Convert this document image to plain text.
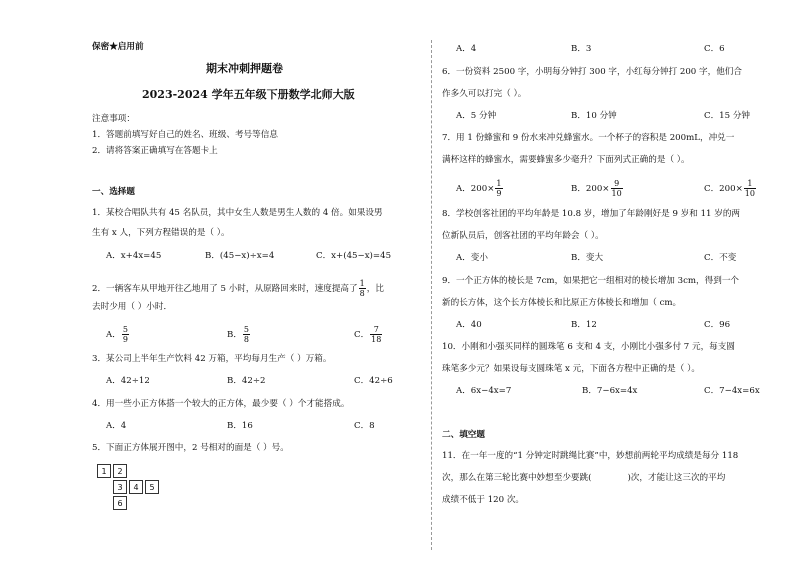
保密★启用前
期末冲刺押题卷
2023-2024 学年五年级下册数学北师大版
注意事项：
1．答题前填写好自己的姓名、班级、考号等信息
2．请将答案正确填写在答题卡上
一、选择题
1．某校合唱队共有 45 名队员，其中女生人数是男生人数的 4 倍。如果设男
生有 x 人，下列方程错误的是（ ）。
A．x+4x=45	B．(45−x)÷x=4	C．x+(45−x)=45
2．一辆客车从甲地开往乙地用了 5 小时，从原路回来时，速度提高了 $\frac{1}{8}$ ，比
去时少用（ ）小时．
A． $\frac{5}{9}$	B． $\frac{5}{8}$	C． $\frac{7}{18}$
3．某公司上半年生产饮料 42 万箱，平均每月生产（ ）万箱。
A．42÷12	B．42÷2	C．42÷6
4．用一些小正方体搭一个较大的正方体，最少要（ ）个才能搭成。
A．4	B．16	C．8
5．下面正方体展开图中，2 号相对的面是（ ）号。
1	2
3	4	5
6
A．4	B．3	C．6
6．一份资料 2500 字，小明每分钟打 300 字，小红每分钟打 200 字，他们合
作多久可以打完（ ）。
A．5 分钟	B．10 分钟	C．15 分钟
7．用 1 份蜂蜜和 9 份水来冲兑蜂蜜水。一个杯子的容积是 200mL，冲兑一
满杯这样的蜂蜜水，需要蜂蜜多少毫升？下面列式正确的是（ ）。
A．$200\times \frac{1}{9}$	B．$200\times \frac{9}{10}$	C．$200\times \frac{1}{10}$
8．学校创客社团的平均年龄是 10.8 岁，增加了年龄刚好是 9 岁和 11 岁的两
位新队员后，创客社团的平均年龄会（ ）。
A．变小	B．变大	C．不变
9．一个正方体的棱长是 7cm，如果把它一组相对的棱长增加 3cm，得到一个
新的长方体，这个长方体棱长和比原正方体棱长和增加（ cm。
A．40	B．12	C．96
10．小刚和小强买同样的圆珠笔 6 支和 4 支，小刚比小强多付 7 元，每支圆
珠笔多少元？如果设每支圆珠笔 x 元，下面各方程中正确的是（ ）。
A．6x−4x=7	B．7−6x=4x	C．7−4x=6x
二、填空题
11．在一年一度的“1 分钟定时跳绳比赛”中，妙想前两轮平均成绩是每分 118
次，那么在第三轮比赛中妙想至少要跳(	)次，才能让这三次的平均
成绩不低于 120 次。
